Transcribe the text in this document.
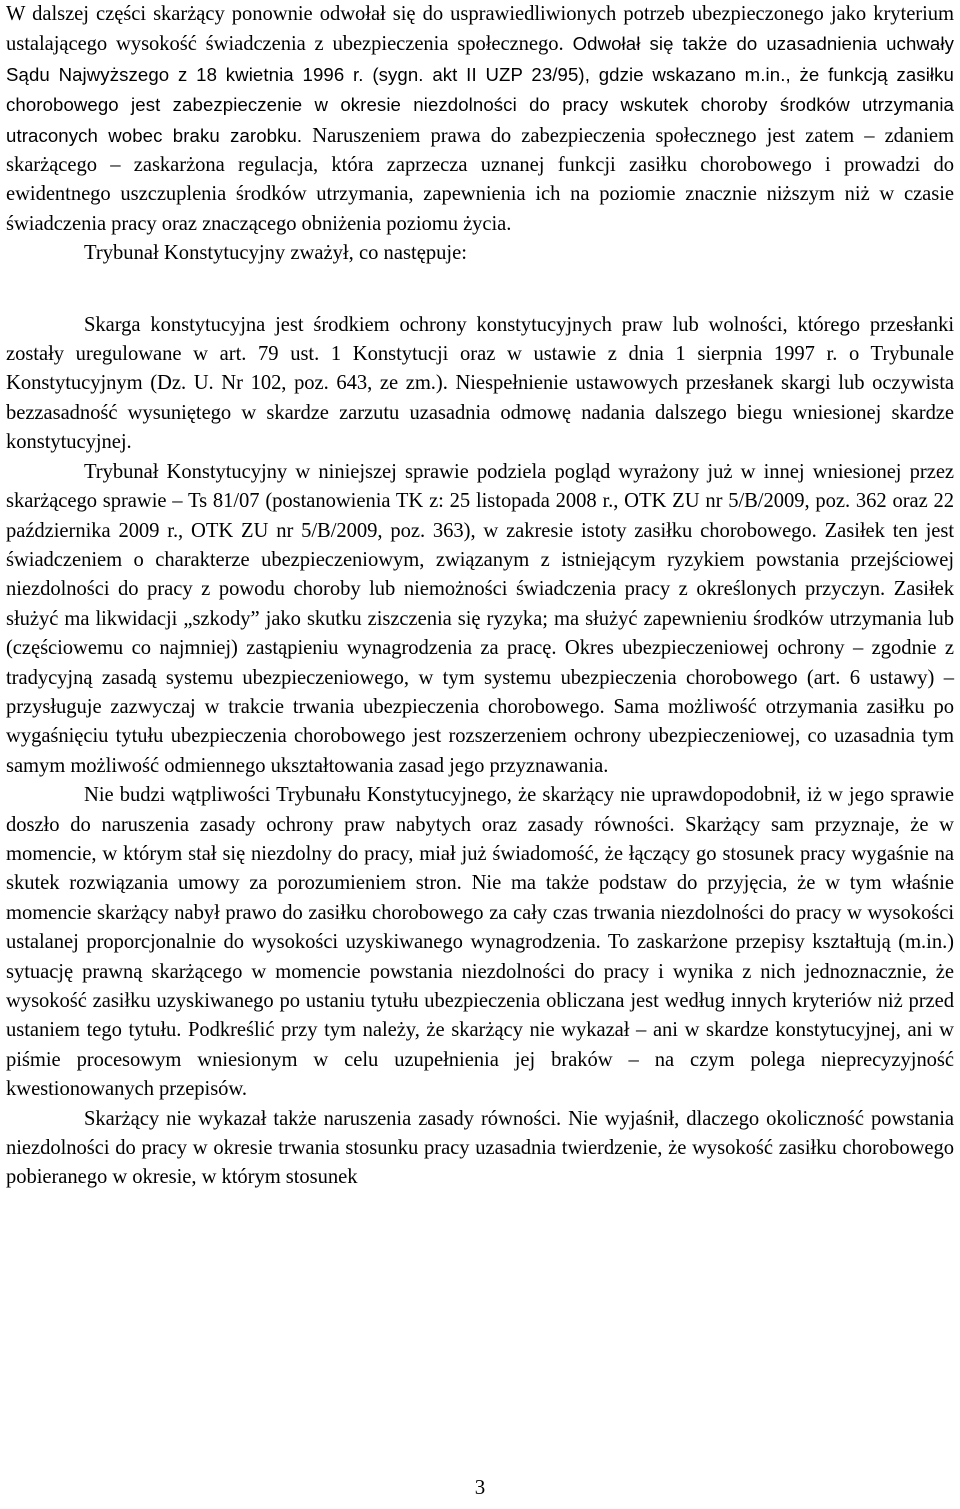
W dalszej części skarżący ponownie odwołał się do usprawiedliwionych potrzeb ubezpieczonego jako kryterium ustalającego wysokość świadczenia z ubezpieczenia społecznego. Odwołał się także do uzasadnienia uchwały Sądu Najwyższego z 18 kwietnia 1996 r. (sygn. akt II UZP 23/95), gdzie wskazano m.in., że funkcją zasiłku chorobowego jest zabezpieczenie w okresie niezdolności do pracy wskutek choroby środków utrzymania utraconych wobec braku zarobku. Naruszeniem prawa do zabezpieczenia społecznego jest zatem – zdaniem skarżącego – zaskarżona regulacja, która zaprzecza uznanej funkcji zasiłku chorobowego i prowadzi do ewidentnego uszczuplenia środków utrzymania, zapewnienia ich na poziomie znacznie niższym niż w czasie świadczenia pracy oraz znaczącego obniżenia poziomu życia.

Trybunał Konstytucyjny zważył, co następuje:

Skarga konstytucyjna jest środkiem ochrony konstytucyjnych praw lub wolności, którego przesłanki zostały uregulowane w art. 79 ust. 1 Konstytucji oraz w ustawie z dnia 1 sierpnia 1997 r. o Trybunale Konstytucyjnym (Dz. U. Nr 102, poz. 643, ze zm.). Niespełnienie ustawowych przesłanek skargi lub oczywista bezzasadność wysuniętego w skardze zarzutu uzasadnia odmowę nadania dalszego biegu wniesionej skardze konstytucyjnej.

Trybunał Konstytucyjny w niniejszej sprawie podziela pogląd wyrażony już w innej wniesionej przez skarżącego sprawie – Ts 81/07 (postanowienia TK z: 25 listopada 2008 r., OTK ZU nr 5/B/2009, poz. 362 oraz 22 października 2009 r., OTK ZU nr 5/B/2009, poz. 363), w zakresie istoty zasiłku chorobowego. Zasiłek ten jest świadczeniem o charakterze ubezpieczeniowym, związanym z istniejącym ryzykiem powstania przejściowej niezdolności do pracy z powodu choroby lub niemożności świadczenia pracy z określonych przyczyn. Zasiłek służyć ma likwidacji „szkody” jako skutku ziszczenia się ryzyka; ma służyć zapewnieniu środków utrzymania lub (częściowemu co najmniej) zastąpieniu wynagrodzenia za pracę. Okres ubezpieczeniowej ochrony – zgodnie z tradycyjną zasadą systemu ubezpieczeniowego, w tym systemu ubezpieczenia chorobowego (art. 6 ustawy) – przysługuje zazwyczaj w trakcie trwania ubezpieczenia chorobowego. Sama możliwość otrzymania zasiłku po wygaśnięciu tytułu ubezpieczenia chorobowego jest rozszerzeniem ochrony ubezpieczeniowej, co uzasadnia tym samym możliwość odmiennego ukształtowania zasad jego przyznawania.

Nie budzi wątpliwości Trybunału Konstytucyjnego, że skarżący nie uprawdopodobnił, iż w jego sprawie doszło do naruszenia zasady ochrony praw nabytych oraz zasady równości. Skarżący sam przyznaje, że w momencie, w którym stał się niezdolny do pracy, miał już świadomość, że łączący go stosunek pracy wygaśnie na skutek rozwiązania umowy za porozumieniem stron. Nie ma także podstaw do przyjęcia, że w tym właśnie momencie skarżący nabył prawo do zasiłku chorobowego za cały czas trwania niezdolności do pracy w wysokości ustalanej proporcjonalnie do wysokości uzyskiwanego wynagrodzenia. To zaskarżone przepisy kształtują (m.in.) sytuację prawną skarżącego w momencie powstania niezdolności do pracy i wynika z nich jednoznacznie, że wysokość zasiłku uzyskiwanego po ustaniu tytułu ubezpieczenia obliczana jest według innych kryteriów niż przed ustaniem tego tytułu. Podkreślić przy tym należy, że skarżący nie wykazał – ani w skardze konstytucyjnej, ani w piśmie procesowym wniesionym w celu uzupełnienia jej braków – na czym polega nieprecyzyjność kwestionowanych przepisów.

Skarżący nie wykazał także naruszenia zasady równości. Nie wyjaśnił, dlaczego okoliczność powstania niezdolności do pracy w okresie trwania stosunku pracy uzasadnia twierdzenie, że wysokość zasiłku chorobowego pobieranego w okresie, w którym stosunek

3
